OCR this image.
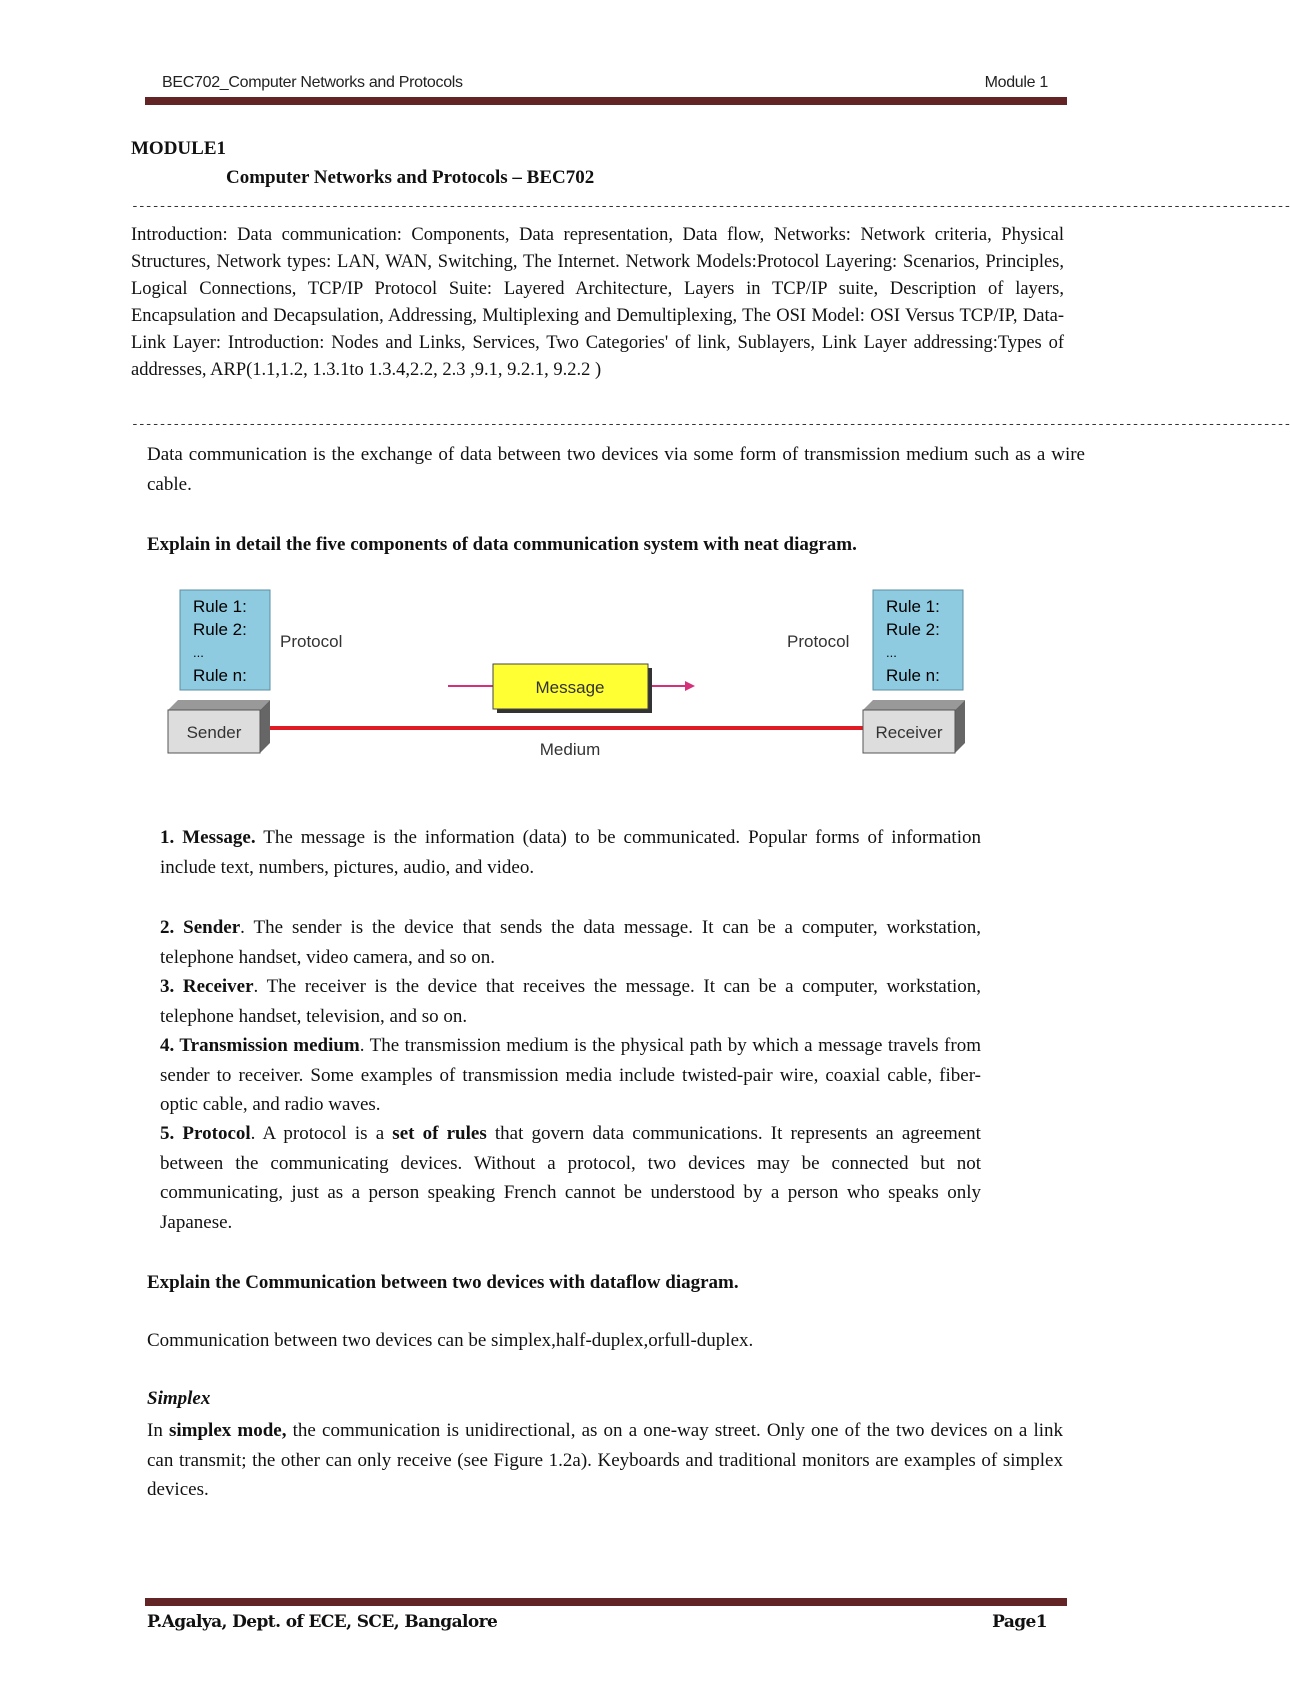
BEC702_Computer Networks and Protocols	Module 1
MODULE1
Computer Networks and Protocols – BEC702
------------------------------------------------------------------------------------------------------------------------------------------------------------------------
Introduction: Data communication: Components, Data representation, Data flow, Networks: Network criteria, Physical Structures, Network types: LAN, WAN, Switching, The Internet. Network Models:Protocol Layering: Scenarios, Principles, Logical Connections, TCP/IP Protocol Suite: Layered Architecture, Layers in TCP/IP suite, Description of layers, Encapsulation and Decapsulation, Addressing, Multiplexing and Demultiplexing, The OSI Model: OSI Versus TCP/IP, Data-Link Layer: Introduction: Nodes and Links, Services, Two Categories' of link, Sublayers, Link Layer addressing:Types of addresses, ARP(1.1,1.2, 1.3.1to 1.3.4,2.2, 2.3 ,9.1, 9.2.1, 9.2.2 )
------------------------------------------------------------------------------------------------------------------------------------------------------------------------
Data communication is the exchange of data between two devices via some form of transmission medium such as a wire cable.
Explain in detail the five components of data communication system with neat diagram.
Rule 1:
Rule 2:
...
Rule n:
Protocol
Rule 1:
Rule 2:
...
Rule n:
Protocol
Message
Medium
Sender	Receiver
1. Message. The message is the information (data) to be communicated. Popular forms of information include text, numbers, pictures, audio, and video.
2. Sender. The sender is the device that sends the data message. It can be a computer, workstation, telephone handset, video camera, and so on.
3. Receiver. The receiver is the device that receives the message. It can be a computer, workstation, telephone handset, television, and so on.
4. Transmission medium. The transmission medium is the physical path by which a message travels from sender to receiver. Some examples of transmission media include twisted-pair wire, coaxial cable, fiber-optic cable, and radio waves.
5. Protocol. A protocol is a set of rules that govern data communications. It represents an agreement between the communicating devices. Without a protocol, two devices may be connected but not communicating, just as a person speaking French cannot be understood by a person who speaks only Japanese.
Explain the Communication between two devices with dataflow diagram.
Communication between two devices can be simplex,half-duplex,orfull-duplex.
Simplex
In simplex mode, the communication is unidirectional, as on a one-way street. Only one of the two devices on a link can transmit; the other can only receive (see Figure 1.2a). Keyboards and traditional monitors are examples of simplex devices.
P.Agalya, Dept. of ECE, SCE, Bangalore	Page1
